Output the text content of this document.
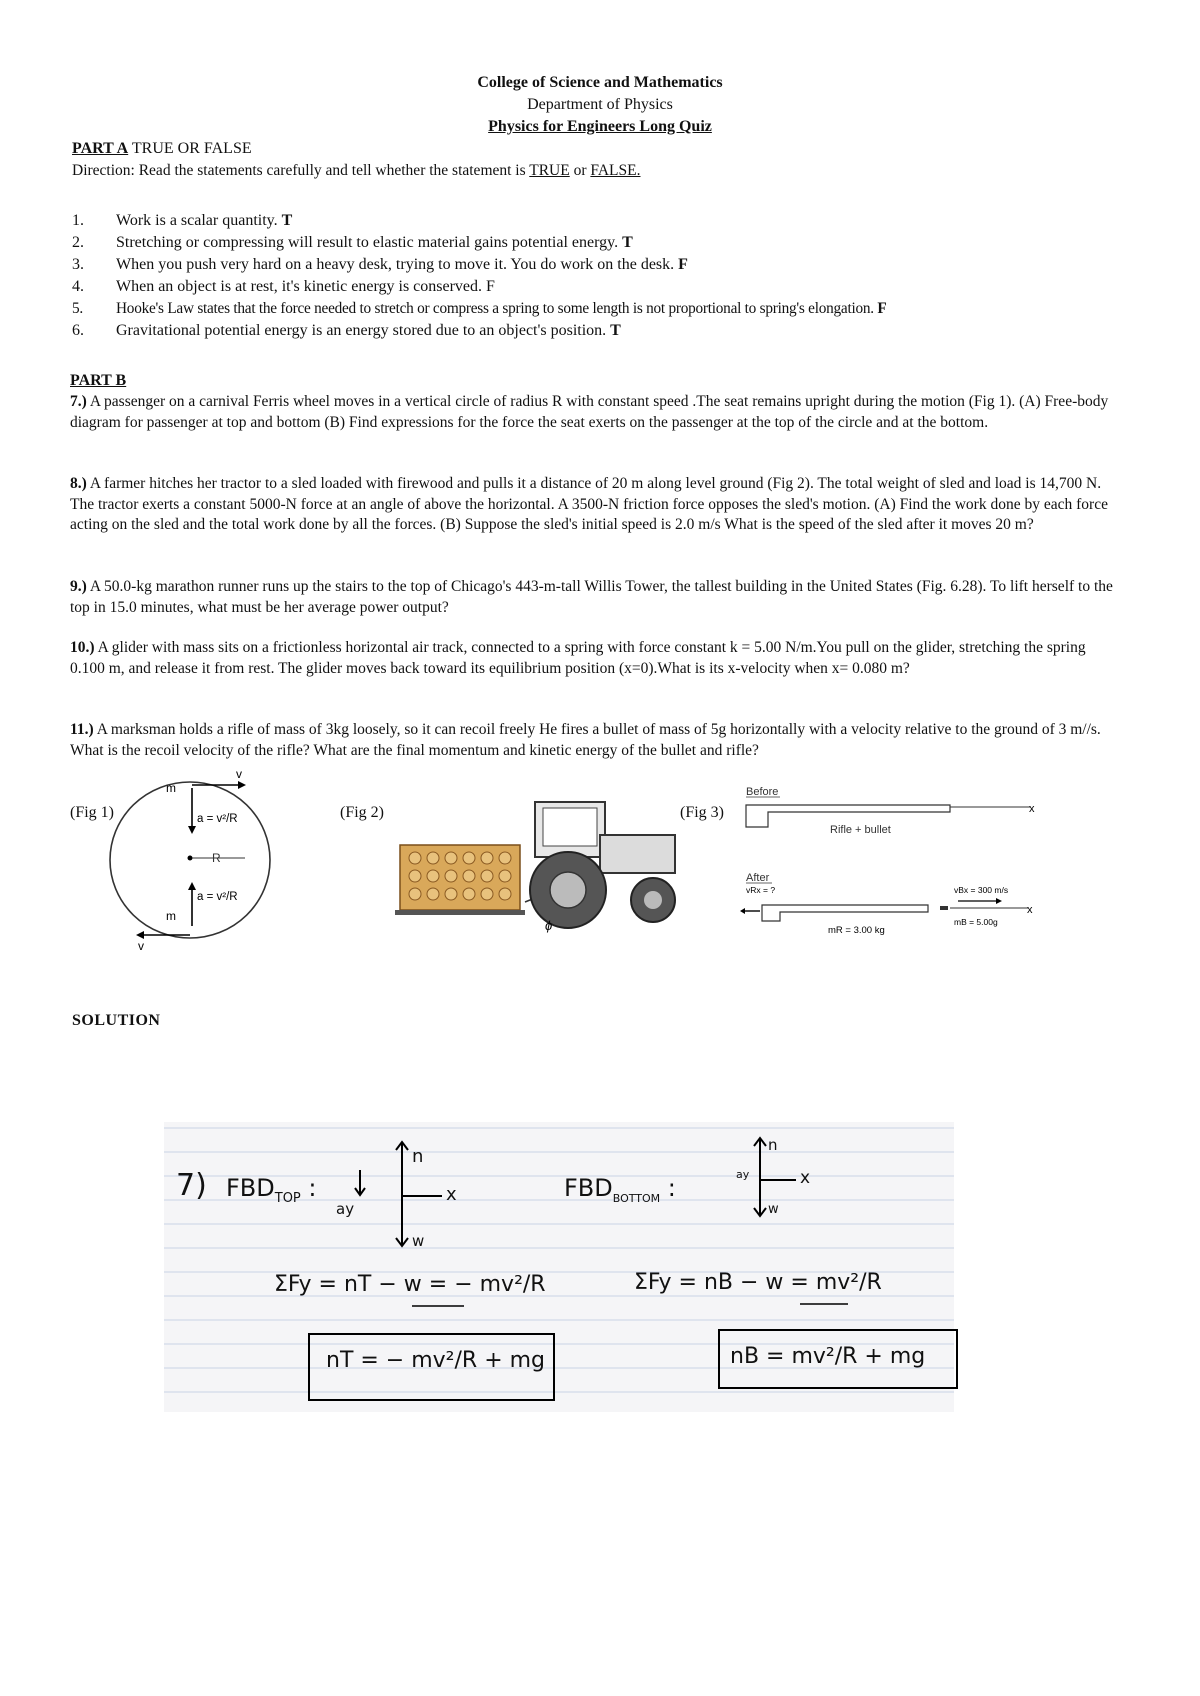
College of Science and Mathematics
Department of Physics
Physics for Engineers Long Quiz
PART A TRUE OR FALSE
Direction: Read the statements carefully and tell whether the statement is TRUE or FALSE.
1. Work is a scalar quantity. T
2. Stretching or compressing will result to elastic material gains potential energy. T
3. When you push very hard on a heavy desk, trying to move it. You do work on the desk. F
4. When an object is at rest, it's kinetic energy is conserved. F
5. Hooke's Law states that the force needed to stretch or compress a spring to some length is not proportional to spring's elongation. F
6. Gravitational potential energy is an energy stored due to an object's position. T
PART B
7.) A passenger on a carnival Ferris wheel moves in a vertical circle of radius R with constant speed .The seat remains upright during the motion (Fig 1). (A) Free-body diagram for passenger at top and bottom (B) Find expressions for the force the seat exerts on the passenger at the top of the circle and at the bottom.
8.) A farmer hitches her tractor to a sled loaded with firewood and pulls it a distance of 20 m along level ground (Fig 2). The total weight of sled and load is 14,700 N. The tractor exerts a constant 5000-N force at an angle of above the horizontal. A 3500-N friction force opposes the sled's motion. (A) Find the work done by each force acting on the sled and the total work done by all the forces. (B) Suppose the sled's initial speed is 2.0 m/s What is the speed of the sled after it moves 20 m?
9.) A 50.0-kg marathon runner runs up the stairs to the top of Chicago's 443-m-tall Willis Tower, the tallest building in the United States (Fig. 6.28). To lift herself to the top in 15.0 minutes, what must be her average power output?
10.) A glider with mass sits on a frictionless horizontal air track, connected to a spring with force constant k = 5.00 N/m.You pull on the glider, stretching the spring 0.100 m, and release it from rest. The glider moves back toward its equilibrium position (x=0).What is its x-velocity when x= 0.080 m?
11.) A marksman holds a rifle of mass of 3kg loosely, so it can recoil freely He fires a bullet of mass of 5g horizontally with a velocity relative to the ground of 3 m//s. What is the recoil velocity of the rifle? What are the final momentum and kinetic energy of the bullet and rifle?
(Fig 1)	(Fig 2)	(Fig 3)
m
v
a = v²/R
R
a = v²/R
m
v
ϕ
Before
x
Rifle + bullet
After
vRx = ?
mR = 3.00 kg
vBx = 300 m/s
x
mB = 5.00g
SOLUTION
7) $FBD_{TOP}$ :
ay
n
x
w
$FBD_{BOTTOM}$ :	ay
n
x
w
ΣFy = nT − w = − mv²/R	ΣFy = nB − w = mv²/R
nT = − mv²/R + mg	nB = mv²/R + mg
